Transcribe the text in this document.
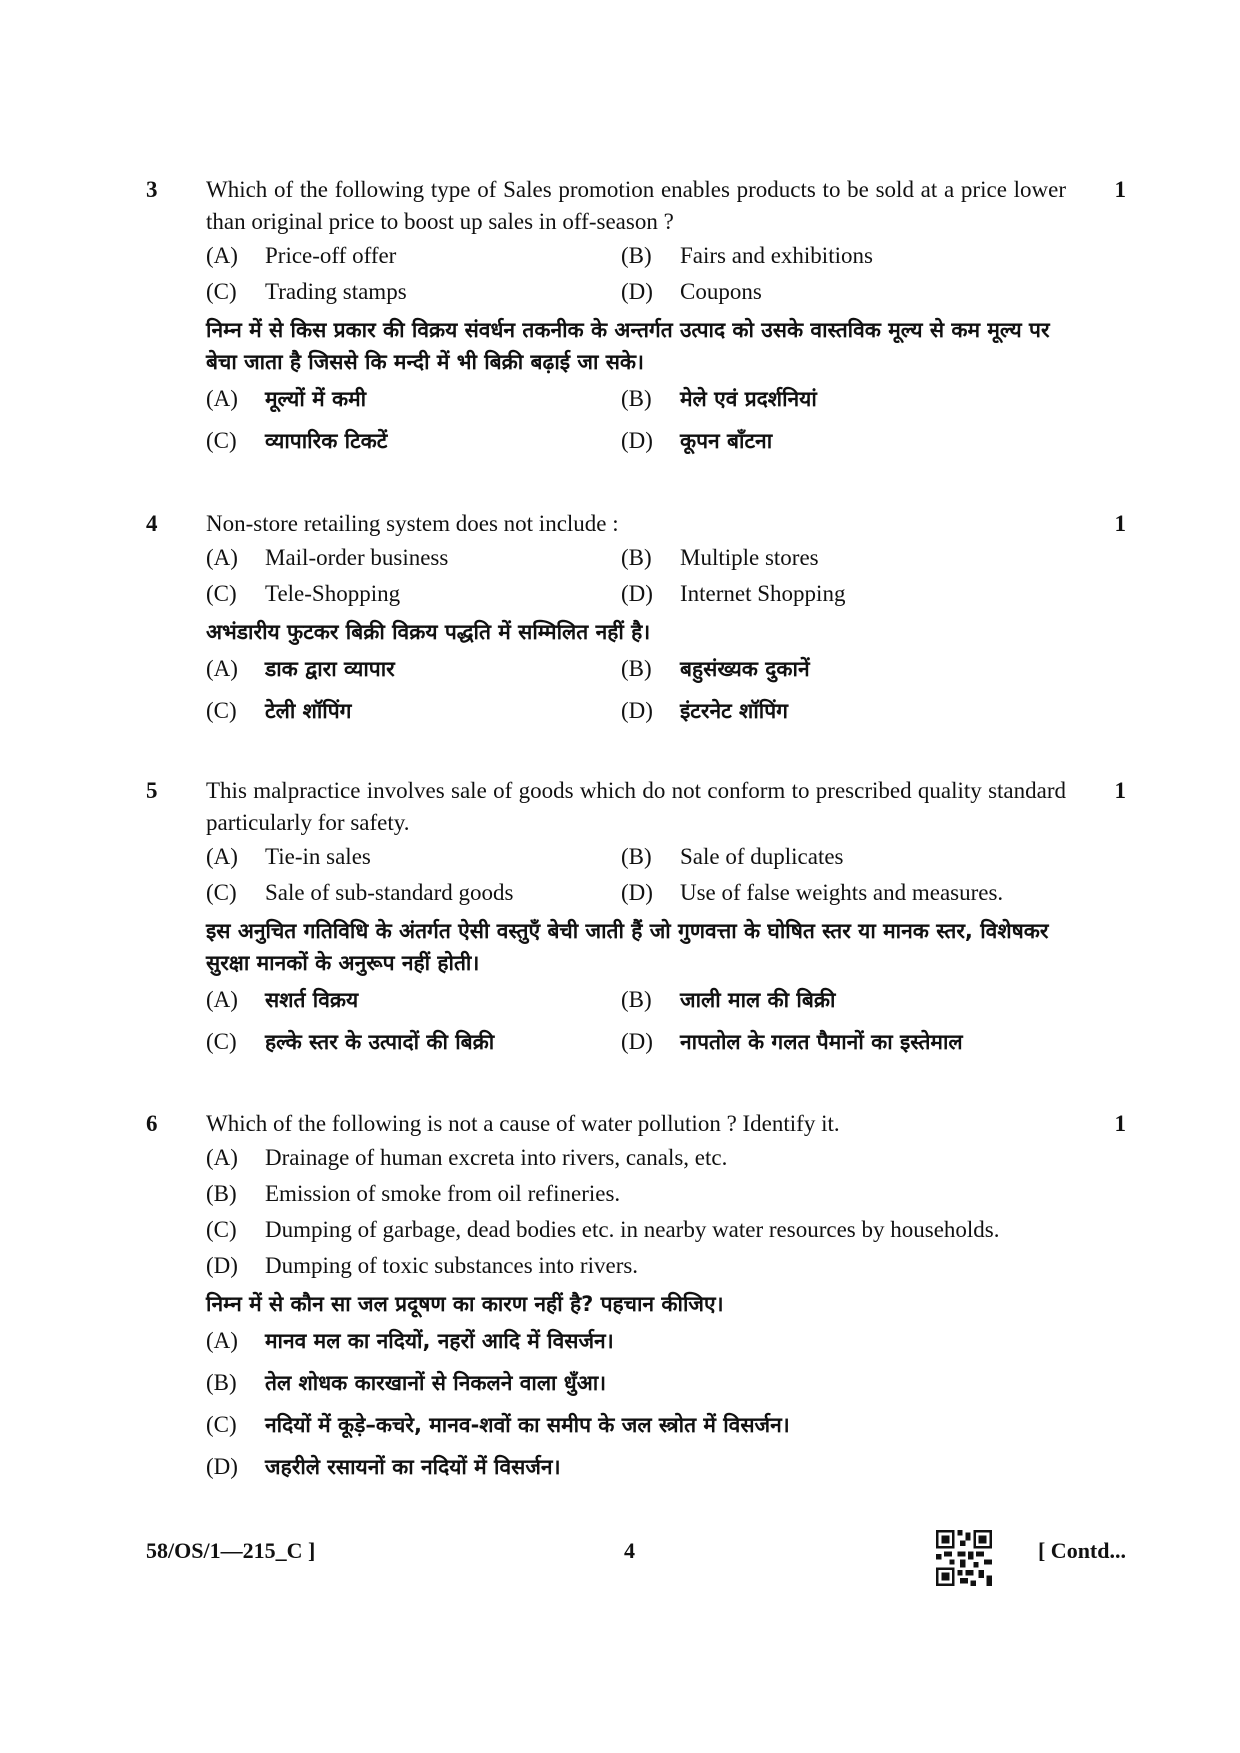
3	1
Which of the following type of Sales promotion enables products to be sold at a price lower than original price to boost up sales in off-season ?
(A)	Price-off offer	(B)	Fairs and exhibitions
(C)	Trading stamps	(D)	Coupons
निम्न में से किस प्रकार की विक्रय संवर्धन तकनीक के अन्तर्गत उत्पाद को उसके वास्तविक मूल्य से कम मूल्य पर बेचा जाता है जिससे कि मन्दी में भी बिक्री बढ़ाई जा सके।
(A)	मूल्यों में कमी	(B)	मेले एवं प्रदर्शनियां
(C)	व्यापारिक टिकटें	(D)	कूपन बाँटना
4	1
Non-store retailing system does not include :
(A)	Mail-order business	(B)	Multiple stores
(C)	Tele-Shopping	(D)	Internet Shopping
अभंडारीय फुटकर बिक्री विक्रय पद्धति में सम्मिलित नहीं है।
(A)	डाक द्वारा व्यापार	(B)	बहुसंख्यक दुकानें
(C)	टेली शॉपिंग	(D)	इंटरनेट शॉपिंग
5	1
This malpractice involves sale of goods which do not conform to prescribed quality standard particularly for safety.
(A)	Tie-in sales	(B)	Sale of duplicates
(C)	Sale of sub-standard goods	(D)	Use of false weights and measures.
इस अनुचित गतिविधि के अंतर्गत ऐसी वस्तुएँ बेची जाती हैं जो गुणवत्ता के घोषित स्तर या मानक स्तर, विशेषकर सुरक्षा मानकों के अनुरूप नहीं होती।
(A)	सशर्त विक्रय	(B)	जाली माल की बिक्री
(C)	हल्के स्तर के उत्पादों की बिक्री	(D)	नापतोल के गलत पैमानों का इस्तेमाल
6	1
Which of the following is not a cause of water pollution ? Identify it.
(A)	Drainage of human excreta into rivers, canals, etc.
(B)	Emission of smoke from oil refineries.
(C)	Dumping of garbage, dead bodies etc. in nearby water resources by households.
(D)	Dumping of toxic substances into rivers.
निम्न में से कौन सा जल प्रदूषण का कारण नहीं है? पहचान कीजिए।
(A)	मानव मल का नदियों, नहरों आदि में विसर्जन।
(B)	तेल शोधक कारखानों से निकलने वाला धुँआ।
(C)	नदियों में कूड़े–कचरे, मानव-शवों का समीप के जल स्त्रोत में विसर्जन।
(D)	जहरीले रसायनों का नदियों में विसर्जन।
58/OS/1—215_C ]	4	[ Contd...
